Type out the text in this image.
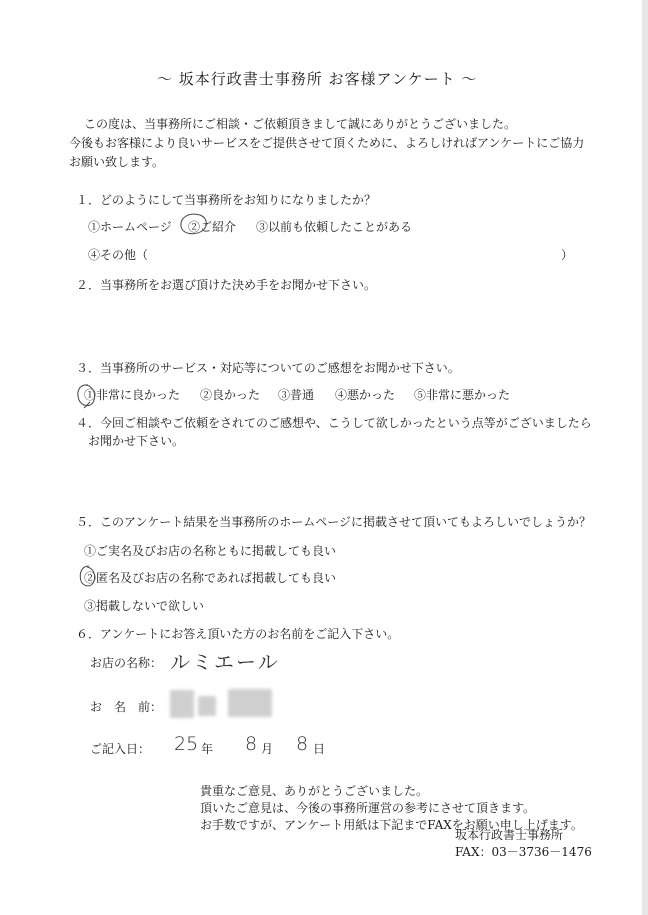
～ 坂本行政書士事務所 お客様アンケート ～
この度は、当事務所にご相談・ご依頼頂きまして誠にありがとうございました。
今後もお客様により良いサービスをご提供させて頂くために、よろしければアンケートにご協力
お願い致します。
１．どのようにして当事務所をお知りになりましたか？
①ホームページ ②ご紹介 ③以前も依頼したことがある
④その他（	）
２．当事務所をお選び頂けた決め手をお聞かせ下さい。
３．当事務所のサービス・対応等についてのご感想をお聞かせ下さい。
①非常に良かった ②良かった ③普通 ④悪かった ⑤非常に悪かった
４．今回ご相談やご依頼をされてのご感想や、こうして欲しかったという点等がございましたら
お聞かせ下さい。
５．このアンケート結果を当事務所のホームページに掲載させて頂いてもよろしいでしょうか？
①ご実名及びお店の名称ともに掲載しても良い
②匿名及びお店の名称であれば掲載しても良い
③掲載しないで欲しい
６．アンケートにお答え頂いた方のお名前をご記入下さい。
お店の名称： ルミエール
お　名　前：
ご記入日： 25 年 8 月 8 日
貴重なご意見、ありがとうございました。
頂いたご意見は、今後の事務所運営の参考にさせて頂きます。
お手数ですが、アンケート用紙は下記までFAXをお願い申し上げます。
坂本行政書士事務所
FAX：03－3736－1476
